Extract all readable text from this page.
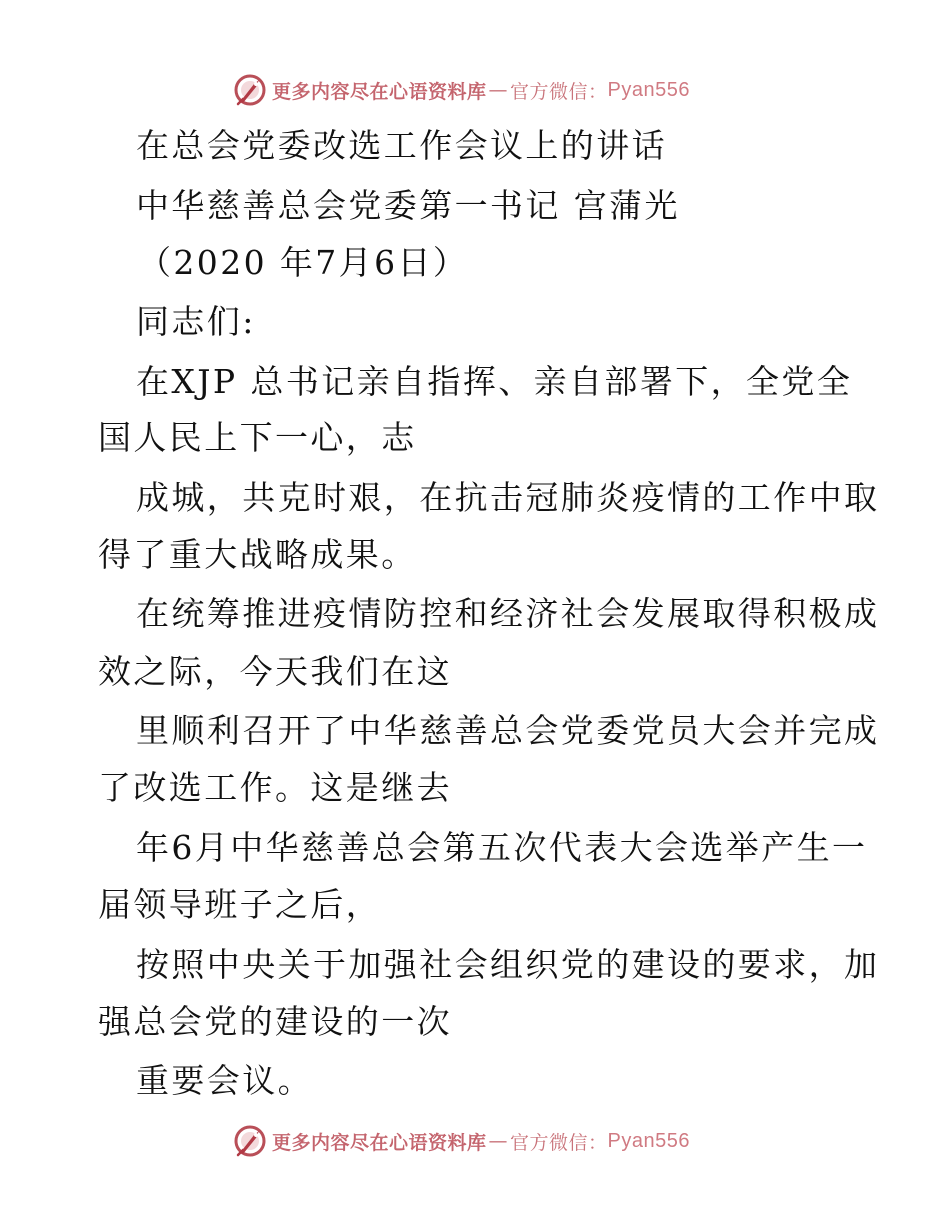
更多内容尽在心语资料库 — 官方微信： Pyan556
在总会党委改选工作会议上的讲话
中华慈善总会党委第一书记 宫蒲光
（2020 年7月6日）
同志们:
在XJP 总书记亲自指挥、亲自部署下，全党全
国人民上下一心，志
成城，共克时艰，在抗击冠肺炎疫情的工作中取
得了重大战略成果。
在统筹推进疫情防控和经济社会发展取得积极成
效之际，今天我们在这
里顺利召开了中华慈善总会党委党员大会并完成
了改选工作。这是继去
年6月中华慈善总会第五次代表大会选举产生一
届领导班子之后，
按照中央关于加强社会组织党的建设的要求，加
强总会党的建设的一次
重要会议。
更多内容尽在心语资料库 — 官方微信： Pyan556
